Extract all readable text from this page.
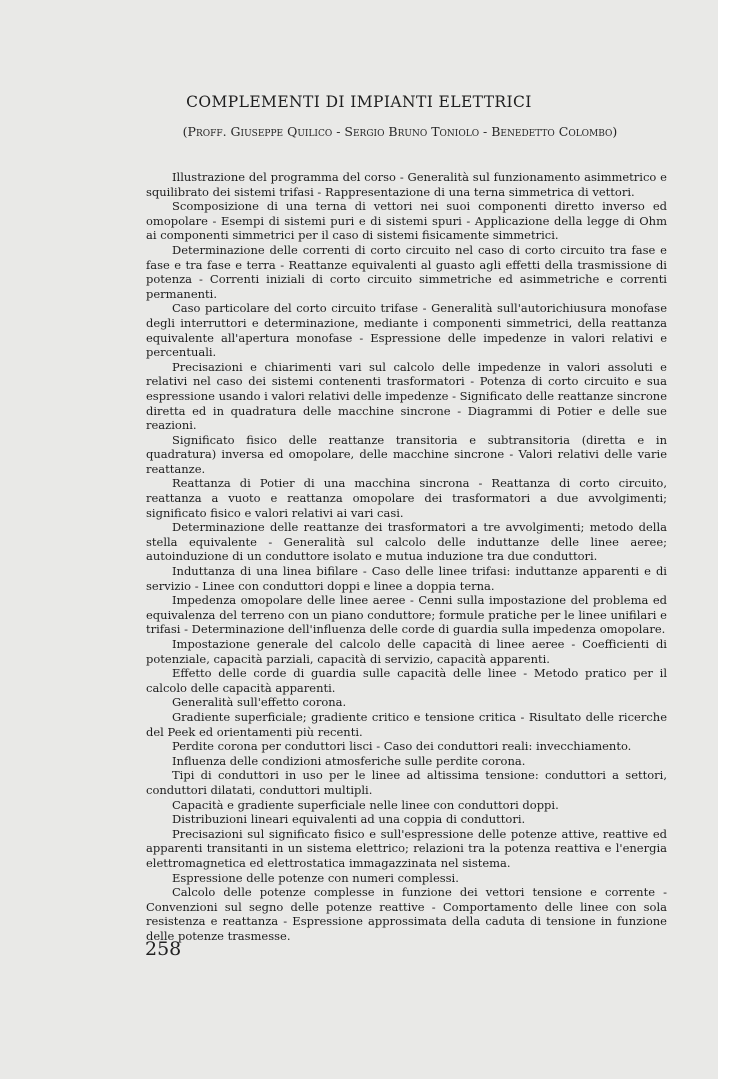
COMPLEMENTI DI IMPIANTI ELETTRICI
(Proff. Giuseppe Quilico - Sergio Bruno Toniolo - Benedetto Colombo)

Illustrazione del programma del corso - Generalità sul funzionamento asimmetrico e squilibrato dei sistemi trifasi - Rappresentazione di una terna simmetrica di vettori.

Scomposizione di una terna di vettori nei suoi componenti diretto inverso ed omopolare - Esempi di sistemi puri e di sistemi spuri - Applicazione della legge di Ohm ai componenti simmetrici per il caso di sistemi fisicamente simmetrici.

Determinazione delle correnti di corto circuito nel caso di corto circuito tra fase e fase e tra fase e terra - Reattanze equivalenti al guasto agli effetti della trasmissione di potenza - Correnti iniziali di corto circuito simmetriche ed asimmetriche e correnti permanenti.

Caso particolare del corto circuito trifase - Generalità sull'autorichiusura monofase degli interruttori e determinazione, mediante i componenti simmetrici, della reattanza equivalente all'apertura monofase - Espressione delle impedenze in valori relativi e percentuali.

Precisazioni e chiarimenti vari sul calcolo delle impedenze in valori assoluti e relativi nel caso dei sistemi contenenti trasformatori - Potenza di corto circuito e sua espressione usando i valori relativi delle impedenze - Significato delle reattanze sincrone diretta ed in quadratura delle macchine sincrone - Diagrammi di Potier e delle sue reazioni.

Significato fisico delle reattanze transitoria e subtransitoria (diretta e in quadratura) inversa ed omopolare, delle macchine sincrone - Valori relativi delle varie reattanze.

Reattanza di Potier di una macchina sincrona - Reattanza di corto circuito, reattanza a vuoto e reattanza omopolare dei trasformatori a due avvolgimenti; significato fisico e valori relativi ai vari casi.

Determinazione delle reattanze dei trasformatori a tre avvolgimenti; metodo della stella equivalente - Generalità sul calcolo delle induttanze delle linee aeree; autoinduzione di un conduttore isolato e mutua induzione tra due conduttori.

Induttanza di una linea bifilare - Caso delle linee trifasi: induttanze apparenti e di servizio - Linee con conduttori doppi e linee a doppia terna.

Impedenza omopolare delle linee aeree - Cenni sulla impostazione del problema ed equivalenza del terreno con un piano conduttore; formule pratiche per le linee unifilari e trifasi - Determinazione dell'influenza delle corde di guardia sulla impedenza omopolare.

Impostazione generale del calcolo delle capacità di linee aeree - Coefficienti di potenziale, capacità parziali, capacità di servizio, capacità apparenti.

Effetto delle corde di guardia sulle capacità delle linee - Metodo pratico per il calcolo delle capacità apparenti.

Generalità sull'effetto corona.

Gradiente superficiale; gradiente critico e tensione critica - Risultato delle ricerche del Peek ed orientamenti più recenti.

Perdite corona per conduttori lisci - Caso dei conduttori reali: invecchiamento.

Influenza delle condizioni atmosferiche sulle perdite corona.

Tipi di conduttori in uso per le linee ad altissima tensione: conduttori a settori, conduttori dilatati, conduttori multipli.

Capacità e gradiente superficiale nelle linee con conduttori doppi.

Distribuzioni lineari equivalenti ad una coppia di conduttori.

Precisazioni sul significato fisico e sull'espressione delle potenze attive, reattive ed apparenti transitanti in un sistema elettrico; relazioni tra la potenza reattiva e l'energia elettromagnetica ed elettrostatica immagazzinata nel sistema.

Espressione delle potenze con numeri complessi.

Calcolo delle potenze complesse in funzione dei vettori tensione e corrente - Convenzioni sul segno delle potenze reattive - Comportamento delle linee con sola resistenza e reattanza - Espressione approssimata della caduta di tensione in funzione delle potenze trasmesse.

258
